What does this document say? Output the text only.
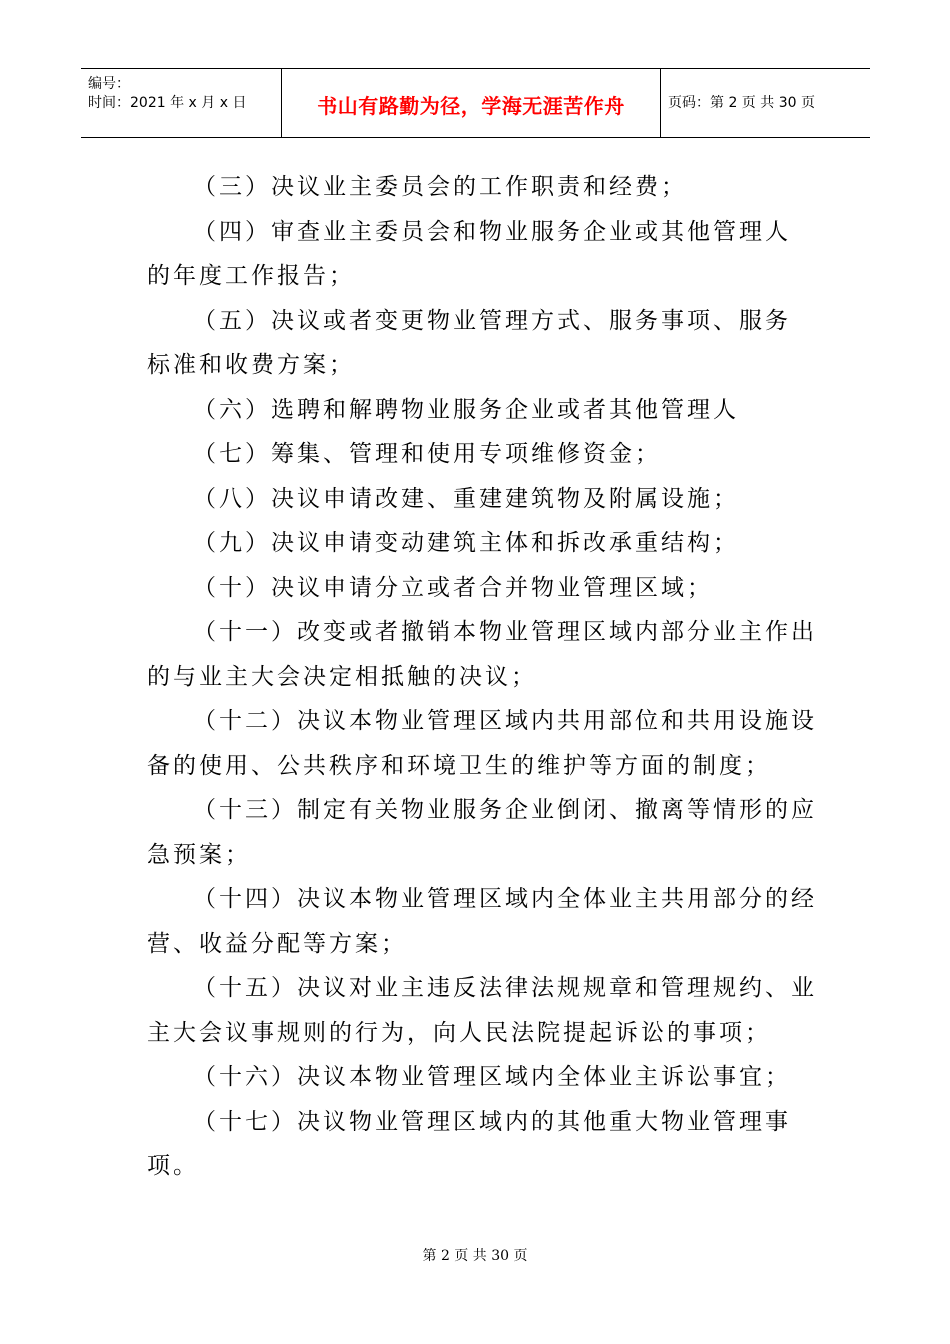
编号：
时间：2021 年 x 月 x 日	书山有路勤为径，学海无涯苦作舟	页码：第 2 页 共 30 页
（三）决议业主委员会的工作职责和经费；
（四）审查业主委员会和物业服务企业或其他管理人
的年度工作报告；
（五）决议或者变更物业管理方式、服务事项、服务
标准和收费方案；
（六）选聘和解聘物业服务企业或者其他管理人
（七）筹集、管理和使用专项维修资金；
（八）决议申请改建、重建建筑物及附属设施；
（九）决议申请变动建筑主体和拆改承重结构；
（十）决议申请分立或者合并物业管理区域；
（十一）改变或者撤销本物业管理区域内部分业主作出
的与业主大会决定相抵触的决议；
（十二）决议本物业管理区域内共用部位和共用设施设
备的使用、公共秩序和环境卫生的维护等方面的制度；
（十三）制定有关物业服务企业倒闭、撤离等情形的应
急预案；
（十四）决议本物业管理区域内全体业主共用部分的经
营、收益分配等方案；
（十五）决议对业主违反法律法规规章和管理规约、业
主大会议事规则的行为，向人民法院提起诉讼的事项；
（十六）决议本物业管理区域内全体业主诉讼事宜；
（十七）决议物业管理区域内的其他重大物业管理事
项。
第 2 页 共 30 页
